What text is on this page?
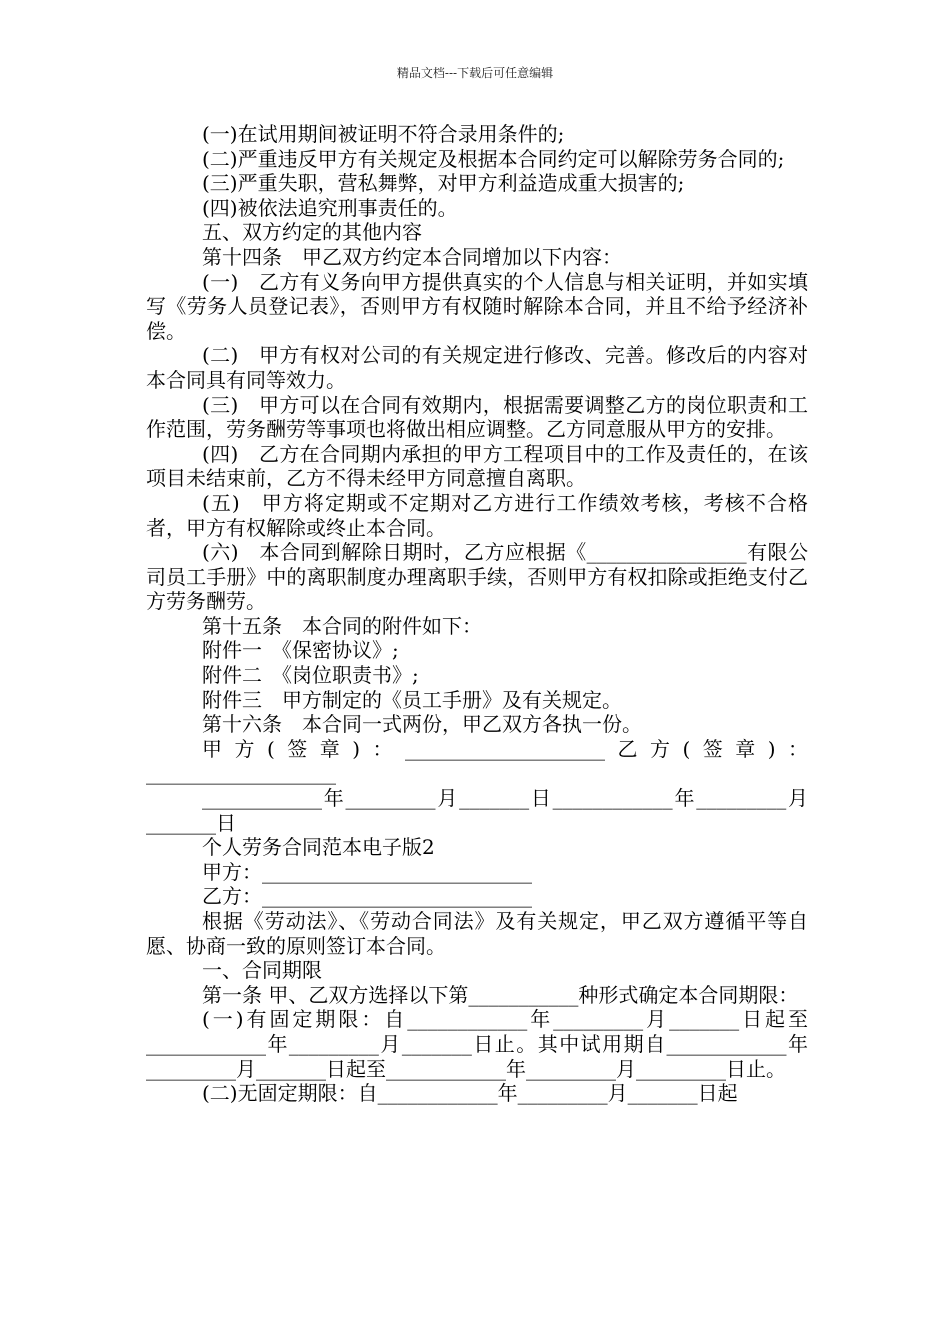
精品文档---下载后可任意编辑

(一)在试用期间被证明不符合录用条件的;

(二)严重违反甲方有关规定及根据本合同约定可以解除劳务合同的;

(三)严重失职，营私舞弊，对甲方利益造成重大损害的;

(四)被依法追究刑事责任的。

五、双方约定的其他内容

第十四条　甲乙双方约定本合同增加以下内容：

(一)　乙方有义务向甲方提供真实的个人信息与相关证明，并如实填写《劳务人员登记表》，否则甲方有权随时解除本合同，并且不给予经济补偿。

(二)　甲方有权对公司的有关规定进行修改、完善。修改后的内容对本合同具有同等效力。

(三)　甲方可以在合同有效期内，根据需要调整乙方的岗位职责和工作范围，劳务酬劳等事项也将做出相应调整。乙方同意服从甲方的安排。

(四)　乙方在合同期内承担的甲方工程项目中的工作及责任的，在该项目未结束前，乙方不得未经甲方同意擅自离职。

(五)　甲方将定期或不定期对乙方进行工作绩效考核，考核不合格者，甲方有权解除或终止本合同。

(六)　本合同到解除日期时，乙方应根据《________________有限公司员工手册》中的离职制度办理离职手续，否则甲方有权扣除或拒绝支付乙方劳务酬劳。

第十五条　本合同的附件如下：

附件一　《保密协议》;

附件二　《岗位职责书》;

附件三　甲方制定的《员工手册》及有关规定。

第十六条　本合同一式两份，甲乙双方各执一份。

甲方(签章)：____________________乙方(签章)：___________________

____________年_________月_______日____________年_________月_______日

个人劳务合同范本电子版2

甲方：___________________________

乙方：___________________________

根据《劳动法》、《劳动合同法》及有关规定，甲乙双方遵循平等自愿、协商一致的原则签订本合同。

一、合同期限

第一条 甲、乙双方选择以下第___________种形式确定本合同期限：

(一)有固定期限：自____________年_________月_______日起至____________年_________月_______日止。其中试用期自____________年_________月_______日起至____________年_________月_________日止。

(二)无固定期限：自____________年_________月_______日起
